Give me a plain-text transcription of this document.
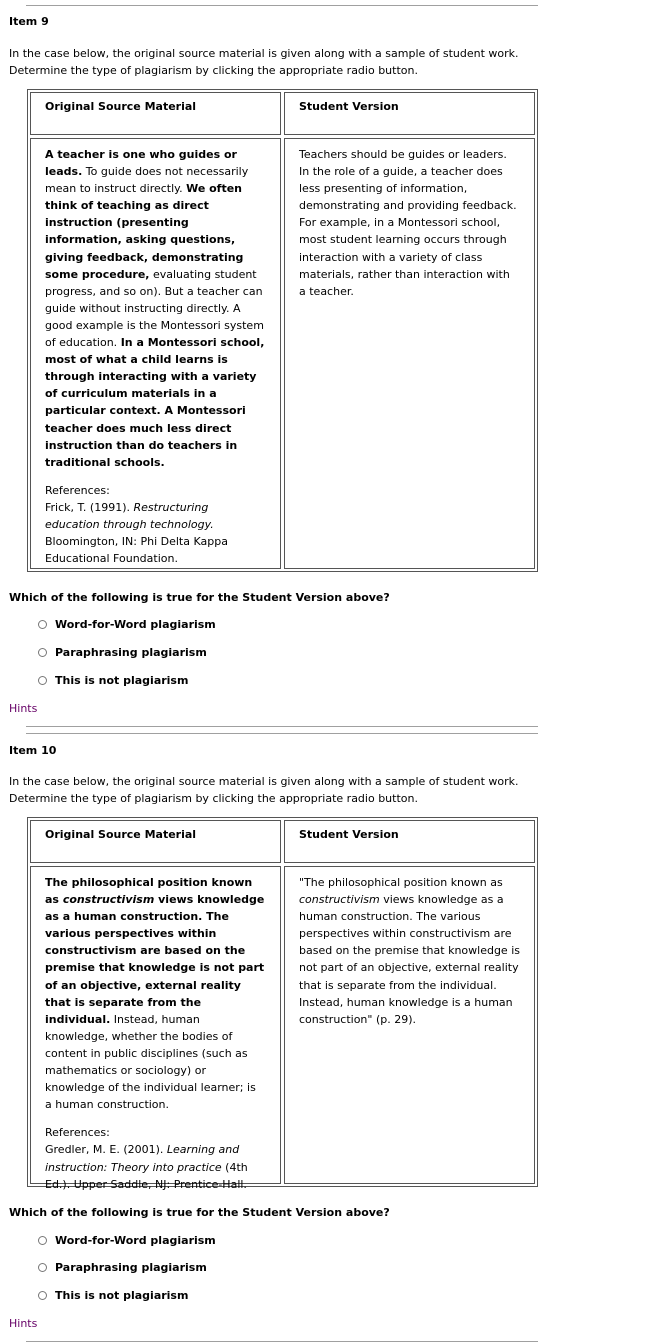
Item 9
In the case below, the original source material is given along with a sample of student work. Determine the type of plagiarism by clicking the appropriate radio button.
Original Source Material	Student Version

A teacher is one who guides or leads. To guide does not necessarily mean to instruct directly. We often think of teaching as direct instruction (presenting information, asking questions, giving feedback, demonstrating some procedure, evaluating student progress, and so on). But a teacher can guide without instructing directly. A good example is the Montessori system of education. In a Montessori school, most of what a child learns is through interacting with a variety of curriculum materials in a particular context. A Montessori teacher does much less direct instruction than do teachers in traditional schools.

References:

Frick, T. (1991). Restructuring education through technology. Bloomington, IN: Phi Delta Kappa Educational Foundation.

Teachers should be guides or leaders. In the role of a guide, a teacher does less presenting of information, demonstrating and providing feedback. For example, in a Montessori school, most student learning occurs through interaction with a variety of class materials, rather than interaction with a teacher.
Which of the following is true for the Student Version above?
Word-for-Word plagiarism
Paraphrasing plagiarism
This is not plagiarism
Hints
Item 10
In the case below, the original source material is given along with a sample of student work. Determine the type of plagiarism by clicking the appropriate radio button.
Original Source Material	Student Version

The philosophical position known as constructivism views knowledge as a human construction. The various perspectives within constructivism are based on the premise that knowledge is not part of an objective, external reality that is separate from the individual. Instead, human knowledge, whether the bodies of content in public disciplines (such as mathematics or sociology) or knowledge of the individual learner; is a human construction.

References:

Gredler, M. E. (2001). Learning and instruction: Theory into practice (4th Ed.). Upper Saddle, NJ: Prentice-Hall.

"The philosophical position known as constructivism views knowledge as a human construction. The various perspectives within constructivism are based on the premise that knowledge is not part of an objective, external reality that is separate from the individual. Instead, human knowledge is a human construction" (p. 29).

Which of the following is true for the Student Version above?
Word-for-Word plagiarism
Paraphrasing plagiarism
This is not plagiarism
Hints
